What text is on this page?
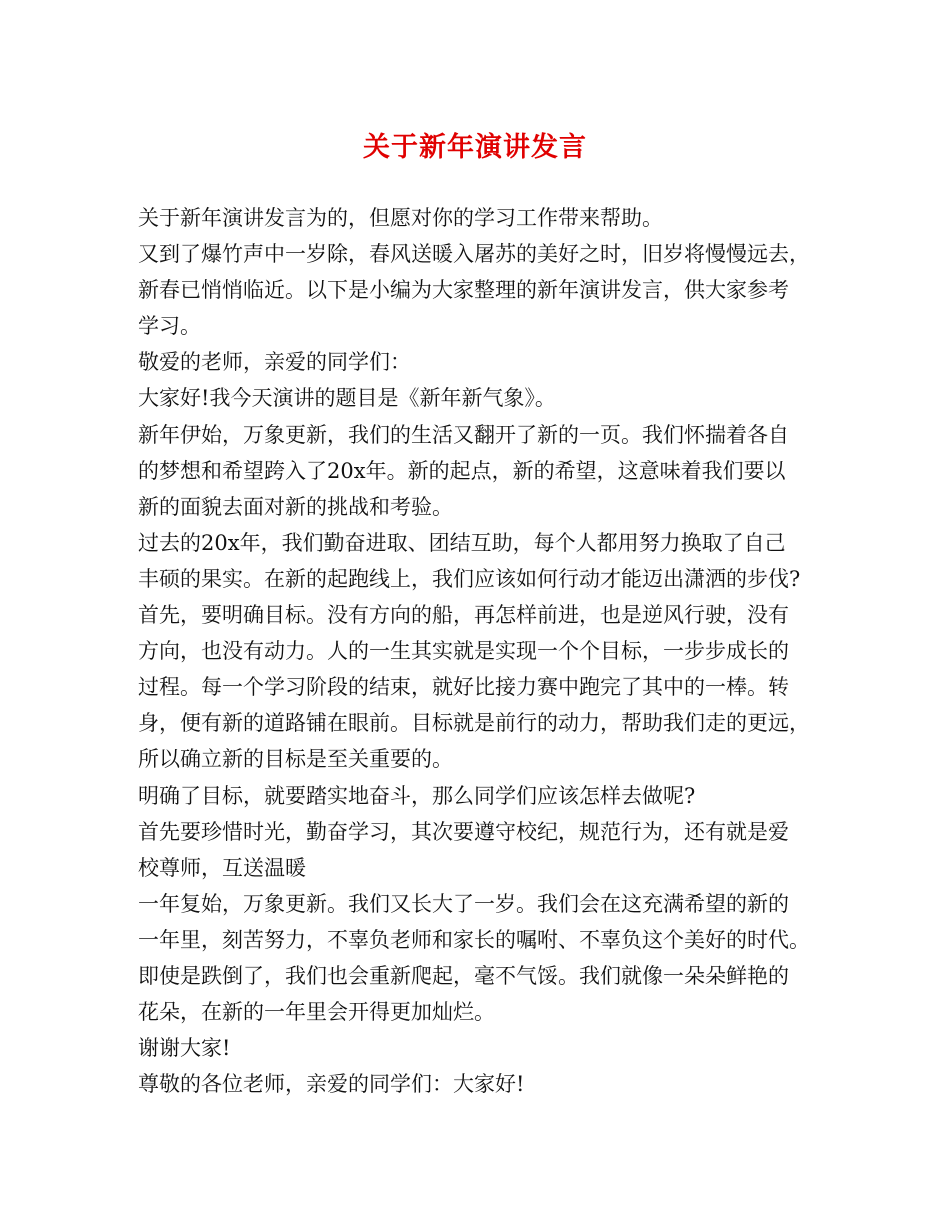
关于新年演讲发言
关于新年演讲发言为的，但愿对你的学习工作带来帮助。
又到了爆竹声中一岁除，春风送暖入屠苏的美好之时，旧岁将慢慢远去，
新春已悄悄临近。以下是小编为大家整理的新年演讲发言，供大家参考
学习。
敬爱的老师，亲爱的同学们：
大家好!我今天演讲的题目是《新年新气象》。
新年伊始，万象更新，我们的生活又翻开了新的一页。我们怀揣着各自
的梦想和希望跨入了20x年。新的起点，新的希望，这意味着我们要以
新的面貌去面对新的挑战和考验。
过去的20x年，我们勤奋进取、团结互助，每个人都用努力换取了自己
丰硕的果实。在新的起跑线上，我们应该如何行动才能迈出潇洒的步伐?
首先，要明确目标。没有方向的船，再怎样前进，也是逆风行驶，没有
方向，也没有动力。人的一生其实就是实现一个个目标，一步步成长的
过程。每一个学习阶段的结束，就好比接力赛中跑完了其中的一棒。转
身，便有新的道路铺在眼前。目标就是前行的动力，帮助我们走的更远，
所以确立新的目标是至关重要的。
明确了目标，就要踏实地奋斗，那么同学们应该怎样去做呢?
首先要珍惜时光，勤奋学习，其次要遵守校纪，规范行为，还有就是爱
校尊师，互送温暖
一年复始，万象更新。我们又长大了一岁。我们会在这充满希望的新的
一年里，刻苦努力，不辜负老师和家长的嘱咐、不辜负这个美好的时代。
即使是跌倒了，我们也会重新爬起，毫不气馁。我们就像一朵朵鲜艳的
花朵，在新的一年里会开得更加灿烂。
谢谢大家!
尊敬的各位老师，亲爱的同学们：大家好!
